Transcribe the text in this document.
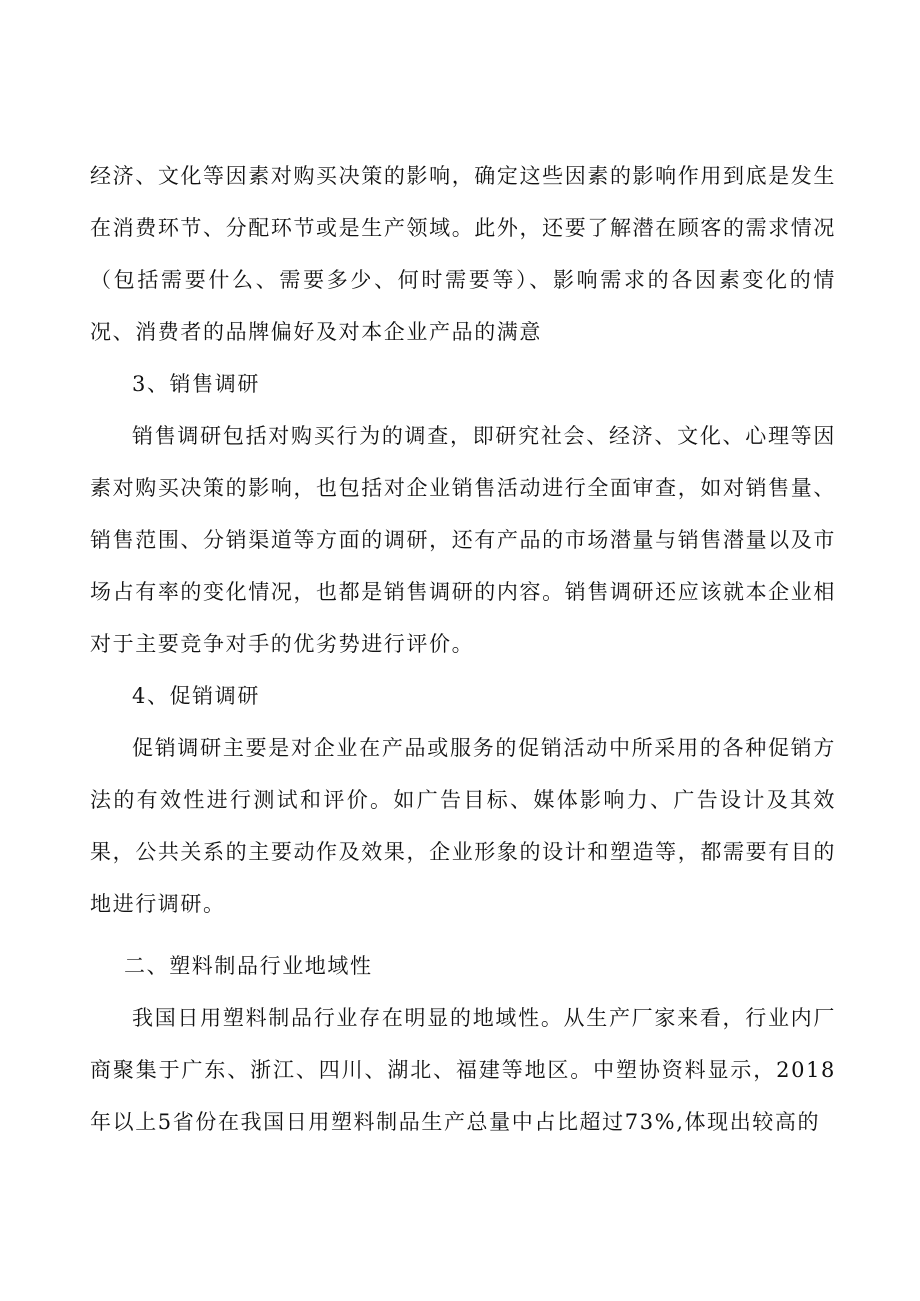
经济、文化等因素对购买决策的影响，确定这些因素的影响作用到底是发生在消费环节、分配环节或是生产领域。此外，还要了解潜在顾客的需求情况（包括需要什么、需要多少、何时需要等）、影响需求的各因素变化的情况、消费者的品牌偏好及对本企业产品的满意

3、销售调研

销售调研包括对购买行为的调查，即研究社会、经济、文化、心理等因素对购买决策的影响，也包括对企业销售活动进行全面审查，如对销售量、销售范围、分销渠道等方面的调研，还有产品的市场潜量与销售潜量以及市场占有率的变化情况，也都是销售调研的内容。销售调研还应该就本企业相对于主要竞争对手的优劣势进行评价。

4、促销调研

促销调研主要是对企业在产品或服务的促销活动中所采用的各种促销方法的有效性进行测试和评价。如广告目标、媒体影响力、广告设计及其效果，公共关系的主要动作及效果，企业形象的设计和塑造等，都需要有目的地进行调研。

二、塑料制品行业地域性

我国日用塑料制品行业存在明显的地域性。从生产厂家来看，行业内厂商聚集于广东、浙江、四川、湖北、福建等地区。中塑协资料显示，2018年以上5省份在我国日用塑料制品生产总量中占比超过73%,体现出较高的
